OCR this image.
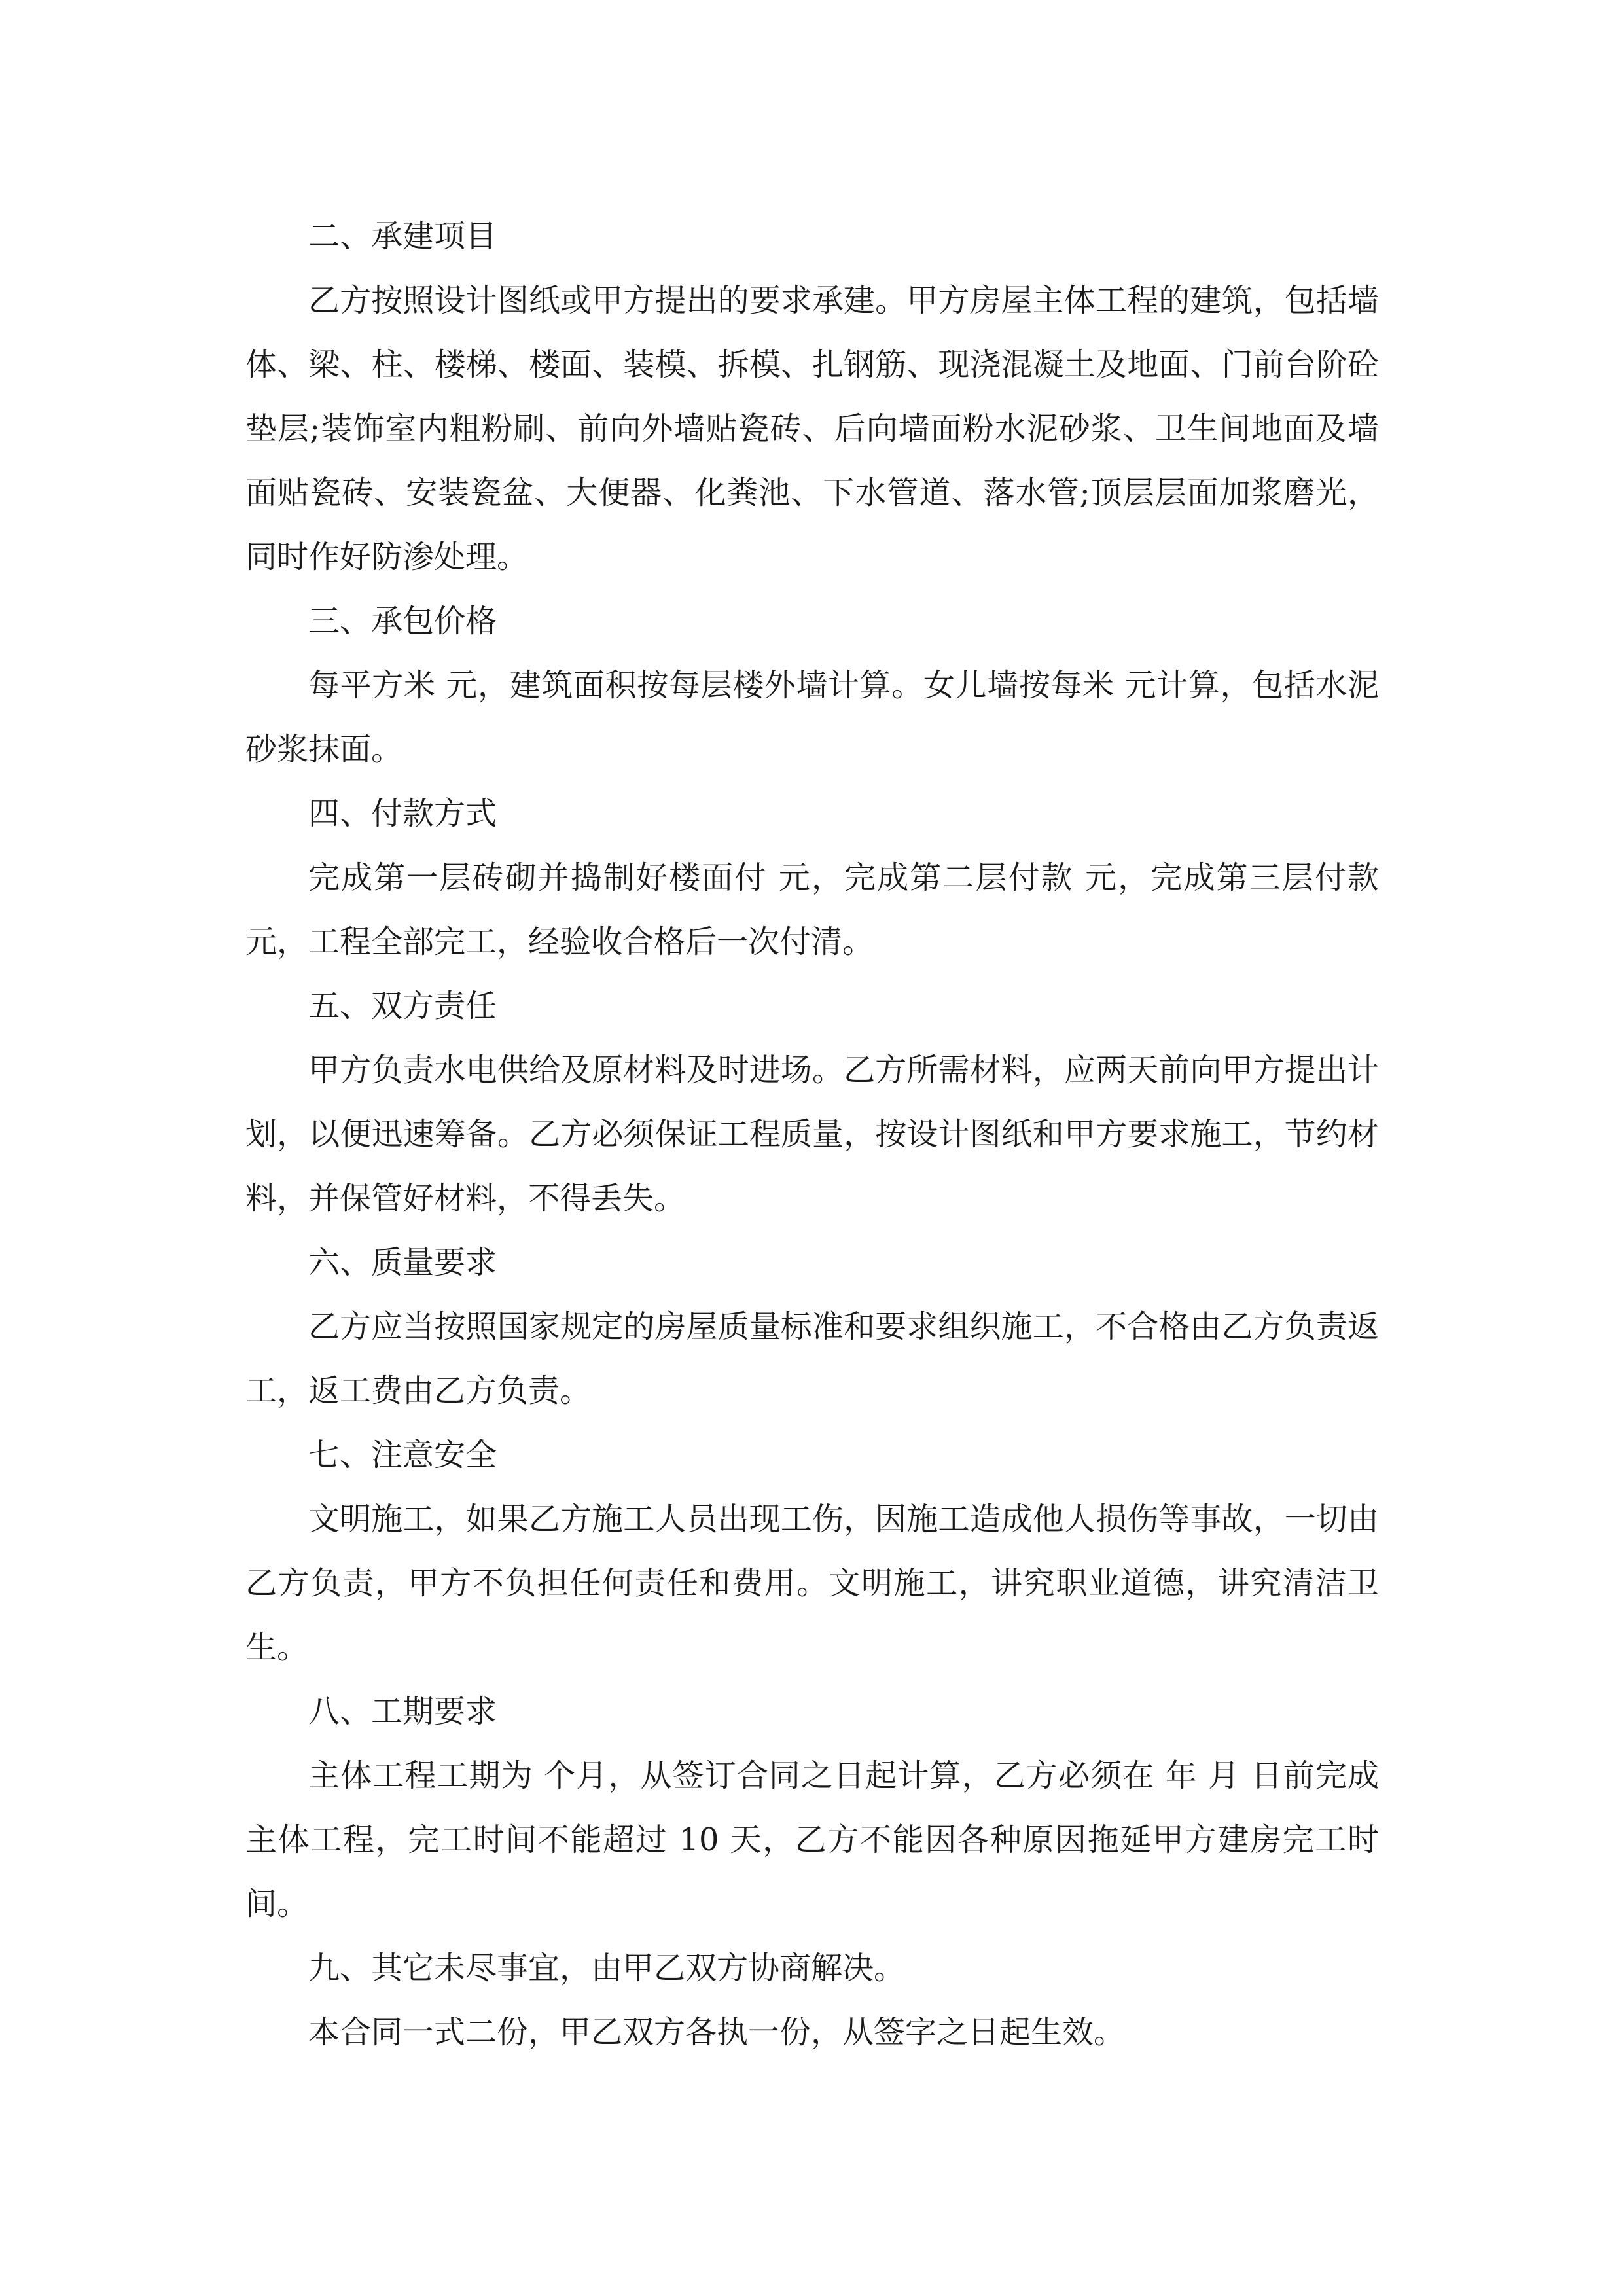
二、承建项目

乙方按照设计图纸或甲方提出的要求承建。甲方房屋主体工程的建筑，包括墙体、梁、柱、楼梯、楼面、装模、拆模、扎钢筋、现浇混凝土及地面、门前台阶砼垫层;装饰室内粗粉刷、前向外墙贴瓷砖、后向墙面粉水泥砂浆、卫生间地面及墙面贴瓷砖、安装瓷盆、大便器、化粪池、下水管道、落水管;顶层层面加浆磨光，同时作好防渗处理。

三、承包价格

每平方米 元，建筑面积按每层楼外墙计算。女儿墙按每米 元计算，包括水泥砂浆抹面。

四、付款方式

完成第一层砖砌并捣制好楼面付 元，完成第二层付款 元，完成第三层付款 元，工程全部完工，经验收合格后一次付清。

五、双方责任

甲方负责水电供给及原材料及时进场。乙方所需材料，应两天前向甲方提出计划，以便迅速筹备。乙方必须保证工程质量，按设计图纸和甲方要求施工，节约材料，并保管好材料，不得丢失。

六、质量要求

乙方应当按照国家规定的房屋质量标准和要求组织施工，不合格由乙方负责返工，返工费由乙方负责。

七、注意安全

文明施工，如果乙方施工人员出现工伤，因施工造成他人损伤等事故，一切由乙方负责，甲方不负担任何责任和费用。文明施工，讲究职业道德，讲究清洁卫生。

八、工期要求

主体工程工期为 个月，从签订合同之日起计算，乙方必须在 年 月 日前完成主体工程，完工时间不能超过 10 天，乙方不能因各种原因拖延甲方建房完工时间。

九、其它未尽事宜，由甲乙双方协商解决。

本合同一式二份，甲乙双方各执一份，从签字之日起生效。
